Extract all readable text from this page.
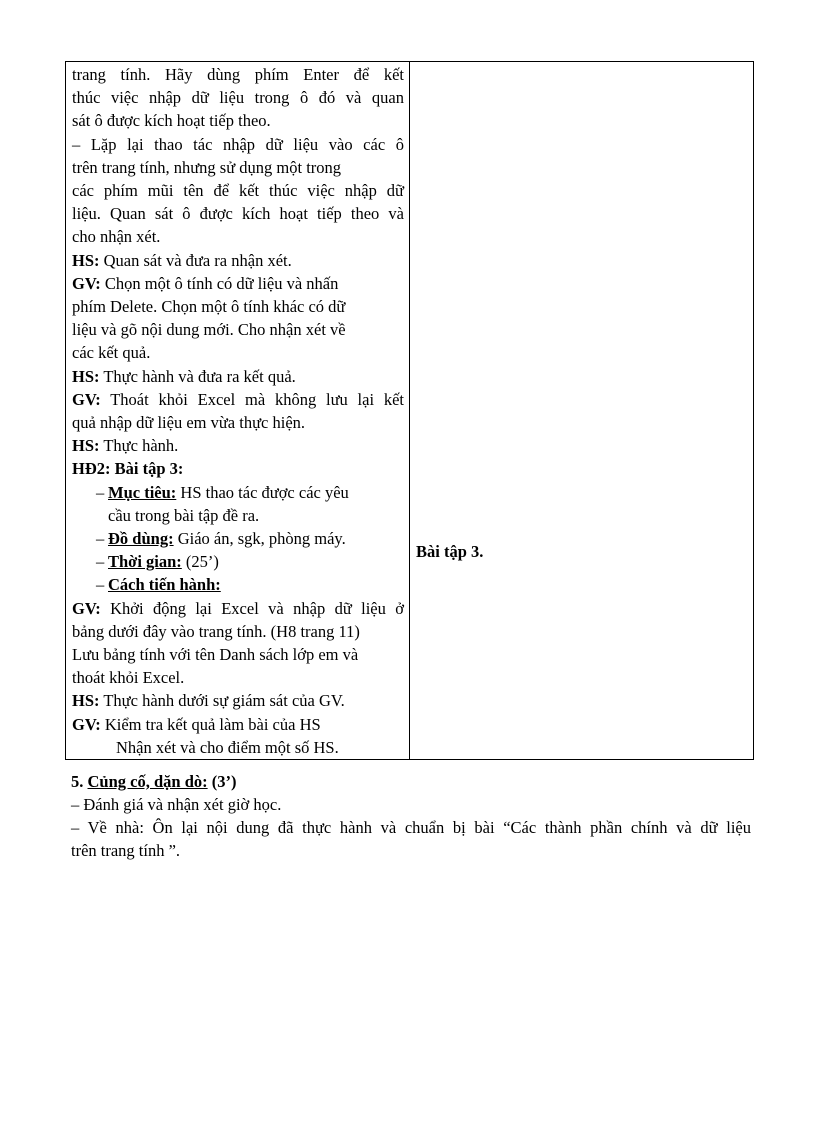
trang tính. Hãy dùng phím Enter để kết
thúc việc nhập dữ liệu trong ô đó và quan
sát ô được kích hoạt tiếp theo.
– Lặp lại thao tác nhập dữ liệu vào các ô
trên trang tính, nhưng sử dụng một trong
các phím mũi tên để kết thúc việc nhập dữ
liệu. Quan sát ô được kích hoạt tiếp theo và
cho nhận xét.
HS: Quan sát và đưa ra nhận xét.
GV: Chọn một ô tính có dữ liệu và nhấn
phím Delete. Chọn một ô tính khác có dữ
liệu và gõ nội dung mới. Cho nhận xét về
các kết quả.
HS: Thực hành và đưa ra kết quả.
GV: Thoát khỏi Excel mà không lưu lại kết
quả nhập dữ liệu em vừa thực hiện.
HS: Thực hành.
HĐ2: Bài tập 3:
– Mục tiêu: HS thao tác được các yêu
cầu trong bài tập đề ra.
– Đồ dùng: Giáo án, sgk, phòng máy.
– Thời gian: (25’)
– Cách tiến hành:
GV: Khởi động lại Excel và nhập dữ liệu ở
bảng dưới đây vào trang tính. (H8 trang 11)
Lưu bảng tính với tên Danh sách lớp em và
thoát khỏi Excel.
HS: Thực hành dưới sự giám sát của GV.
GV: Kiểm tra kết quả làm bài của HS
Nhận xét và cho điểm một số HS.

Bài tập 3.
5. Củng cố, dặn dò: (3’)
– Đánh giá và nhận xét giờ học.
– Về nhà: Ôn lại nội dung đã thực hành và chuẩn bị bài “Các thành phần chính và dữ liệu
trên trang tính ”.
